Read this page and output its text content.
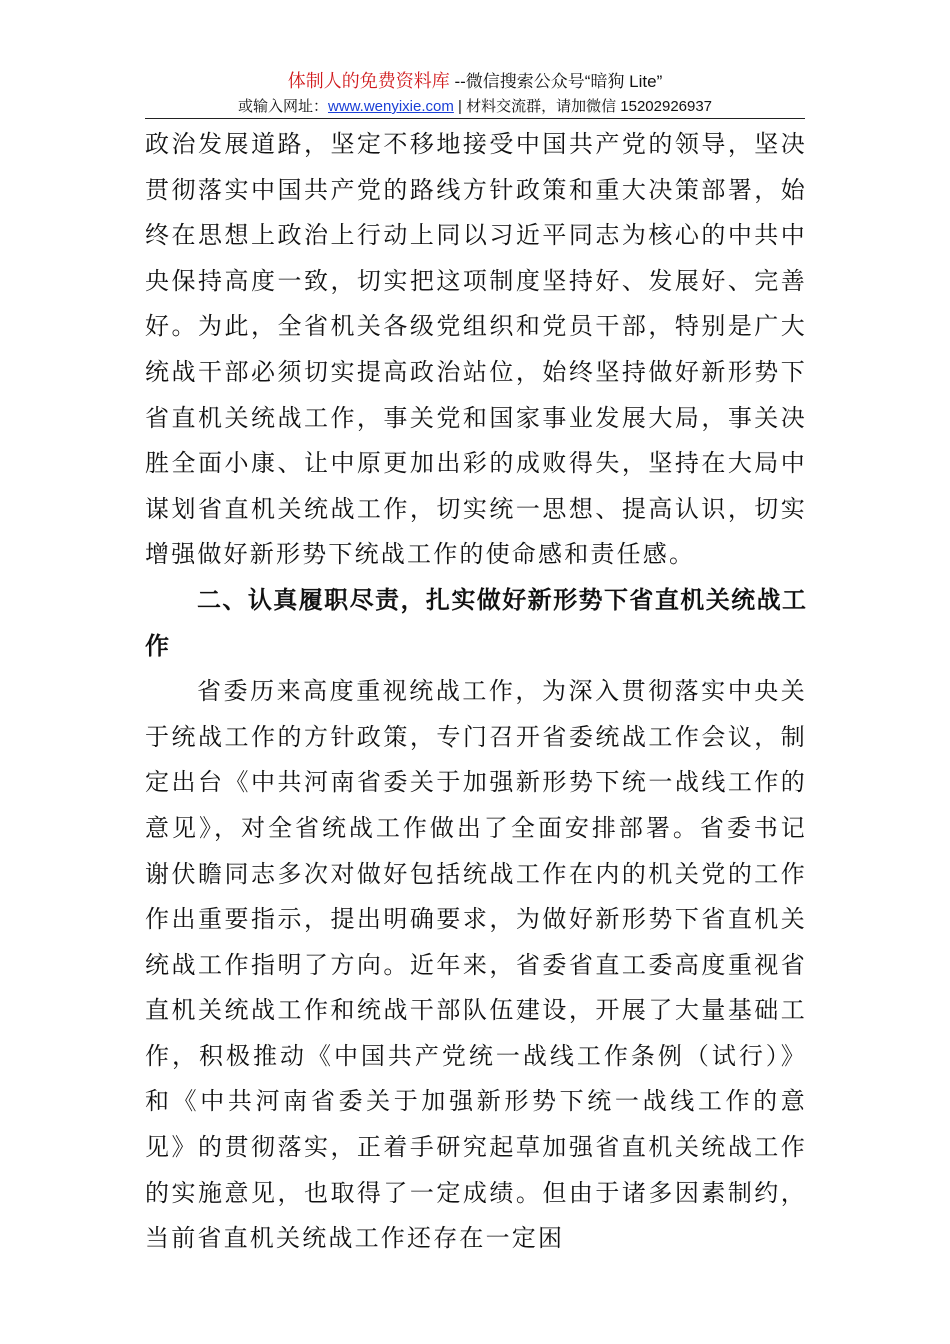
体制人的免费资料库 --微信搜索公众号“暗狗 Lite”
或输入网址：www.wenyixie.com | 材料交流群，请加微信 15202926937

政治发展道路，坚定不移地接受中国共产党的领导，坚决贯彻落实中国共产党的路线方针政策和重大决策部署，始终在思想上政治上行动上同以习近平同志为核心的中共中央保持高度一致，切实把这项制度坚持好、发展好、完善好。为此，全省机关各级党组织和党员干部，特别是广大统战干部必须切实提高政治站位，始终坚持做好新形势下省直机关统战工作，事关党和国家事业发展大局，事关决胜全面小康、让中原更加出彩的成败得失，坚持在大局中谋划省直机关统战工作，切实统一思想、提高认识，切实增强做好新形势下统战工作的使命感和责任感。

二、认真履职尽责，扎实做好新形势下省直机关统战工作

省委历来高度重视统战工作，为深入贯彻落实中央关于统战工作的方针政策，专门召开省委统战工作会议，制定出台《中共河南省委关于加强新形势下统一战线工作的意见》，对全省统战工作做出了全面安排部署。省委书记谢伏瞻同志多次对做好包括统战工作在内的机关党的工作作出重要指示，提出明确要求，为做好新形势下省直机关统战工作指明了方向。近年来，省委省直工委高度重视省直机关统战工作和统战干部队伍建设，开展了大量基础工作，积极推动《中国共产党统一战线工作条例（试行）》和《中共河南省委关于加强新形势下统一战线工作的意见》的贯彻落实，正着手研究起草加强省直机关统战工作的实施意见，也取得了一定成绩。但由于诸多因素制约，当前省直机关统战工作还存在一定困
